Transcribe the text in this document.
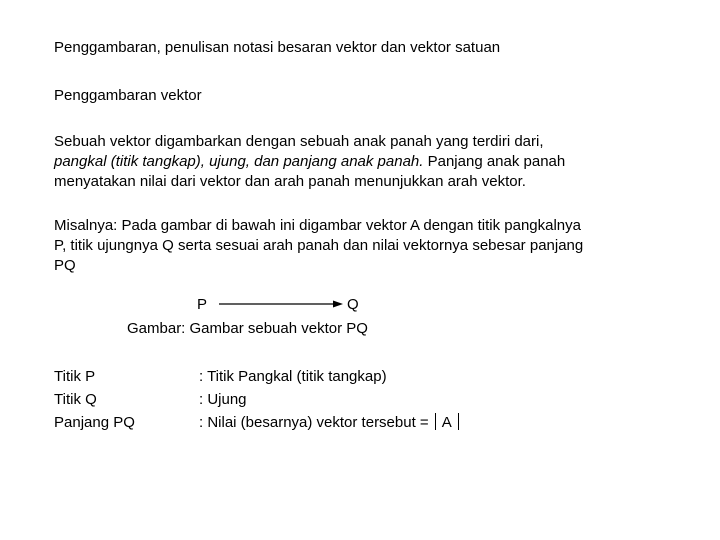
Penggambaran, penulisan notasi besaran vektor dan vektor satuan
Penggambaran vektor
Sebuah vektor digambarkan dengan sebuah anak panah yang terdiri dari,
pangkal (titik tangkap), ujung, dan panjang anak panah. Panjang anak panah
menyatakan nilai dari vektor dan arah panah menunjukkan arah vektor.
Misalnya: Pada gambar di bawah ini digambar vektor A dengan titik pangkalnya
P, titik ujungnya Q serta sesuai arah panah dan nilai vektornya sebesar panjang
PQ
P	Q
Gambar: Gambar sebuah vektor PQ
Titik P	: Titik Pangkal (titik tangkap)
Titik Q	: Ujung
Panjang PQ	: Nilai (besarnya) vektor tersebut = A
